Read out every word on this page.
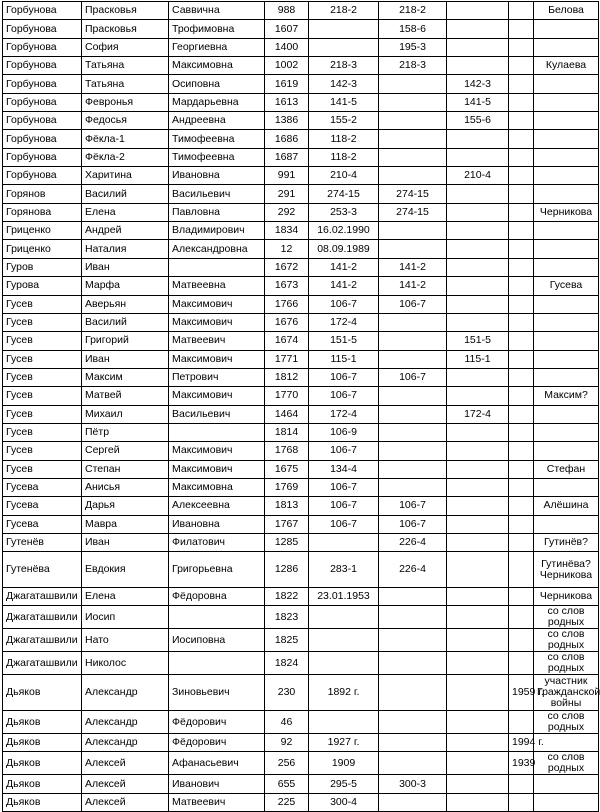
Горбунова	Прасковья	Саввична	988	218-2	218-2			Белова
Горбунова	Прасковья	Трофимовна	1607		158-6			
Горбунова	София	Георгиевна	1400		195-3			
Горбунова	Татьяна	Максимовна	1002	218-3	218-3			Кулаева
Горбунова	Татьяна	Осиповна	1619	142-3		142-3		
Горбунова	Февронья	Мардарьевна	1613	141-5		141-5		
Горбунова	Федосья	Андреевна	1386	155-2		155-6		
Горбунова	Фёкла-1	Тимофеевна	1686	118-2				
Горбунова	Фёкла-2	Тимофеевна	1687	118-2				
Горбунова	Харитина	Ивановна	991	210-4		210-4		
Горянов	Василий	Васильевич	291	274-15	274-15			
Горянова	Елена	Павловна	292	253-3	274-15			Черникова
Гриценко	Андрей	Владимирович	1834	16.02.1990				
Гриценко	Наталия	Александровна	12	08.09.1989				
Гуров	Иван		1672	141-2	141-2			
Гурова	Марфа	Матвеевна	1673	141-2	141-2			Гусева
Гусев	Аверьян	Максимович	1766	106-7	106-7			
Гусев	Василий	Максимович	1676	172-4				
Гусев	Григорий	Матвеевич	1674	151-5		151-5		
Гусев	Иван	Максимович	1771	115-1		115-1		
Гусев	Максим	Петрович	1812	106-7	106-7			
Гусев	Матвей	Максимович	1770	106-7				Максим?
Гусев	Михаил	Васильевич	1464	172-4		172-4		
Гусев	Пётр		1814	106-9				
Гусев	Сергей	Максимович	1768	106-7				
Гусев	Степан	Максимович	1675	134-4				Стефан
Гусева	Анисья	Максимовна	1769	106-7				
Гусева	Дарья	Алексеевна	1813	106-7	106-7			Алёшина
Гусева	Мавра	Ивановна	1767	106-7	106-7			
Гутенёв	Иван	Филатович	1285		226-4			Гутинёв?
Гутенёва	Евдокия	Григорьевна	1286	283-1	226-4			Гутинёва? Черникова
Джагаташвили	Елена	Фёдоровна	1822	23.01.1953				Черникова
Джагаташвили	Иосип		1823					со слов родных
Джагаташвили	Нато	Иосиповна	1825					со слов родных
Джагаташвили	Николос		1824					со слов родных
Дьяков	Александр	Зиновьевич	230	1892 г.			1959 г.	участник Гражданской войны
Дьяков	Александр	Фёдорович	46					со слов родных
Дьяков	Александр	Фёдорович	92	1927 г.			1994 г.	
Дьяков	Алексей	Афанасьевич	256	1909			1939	со слов родных
Дьяков	Алексей	Иванович	655	295-5	300-3			
Дьяков	Алексей	Матвеевич	225	300-4				
